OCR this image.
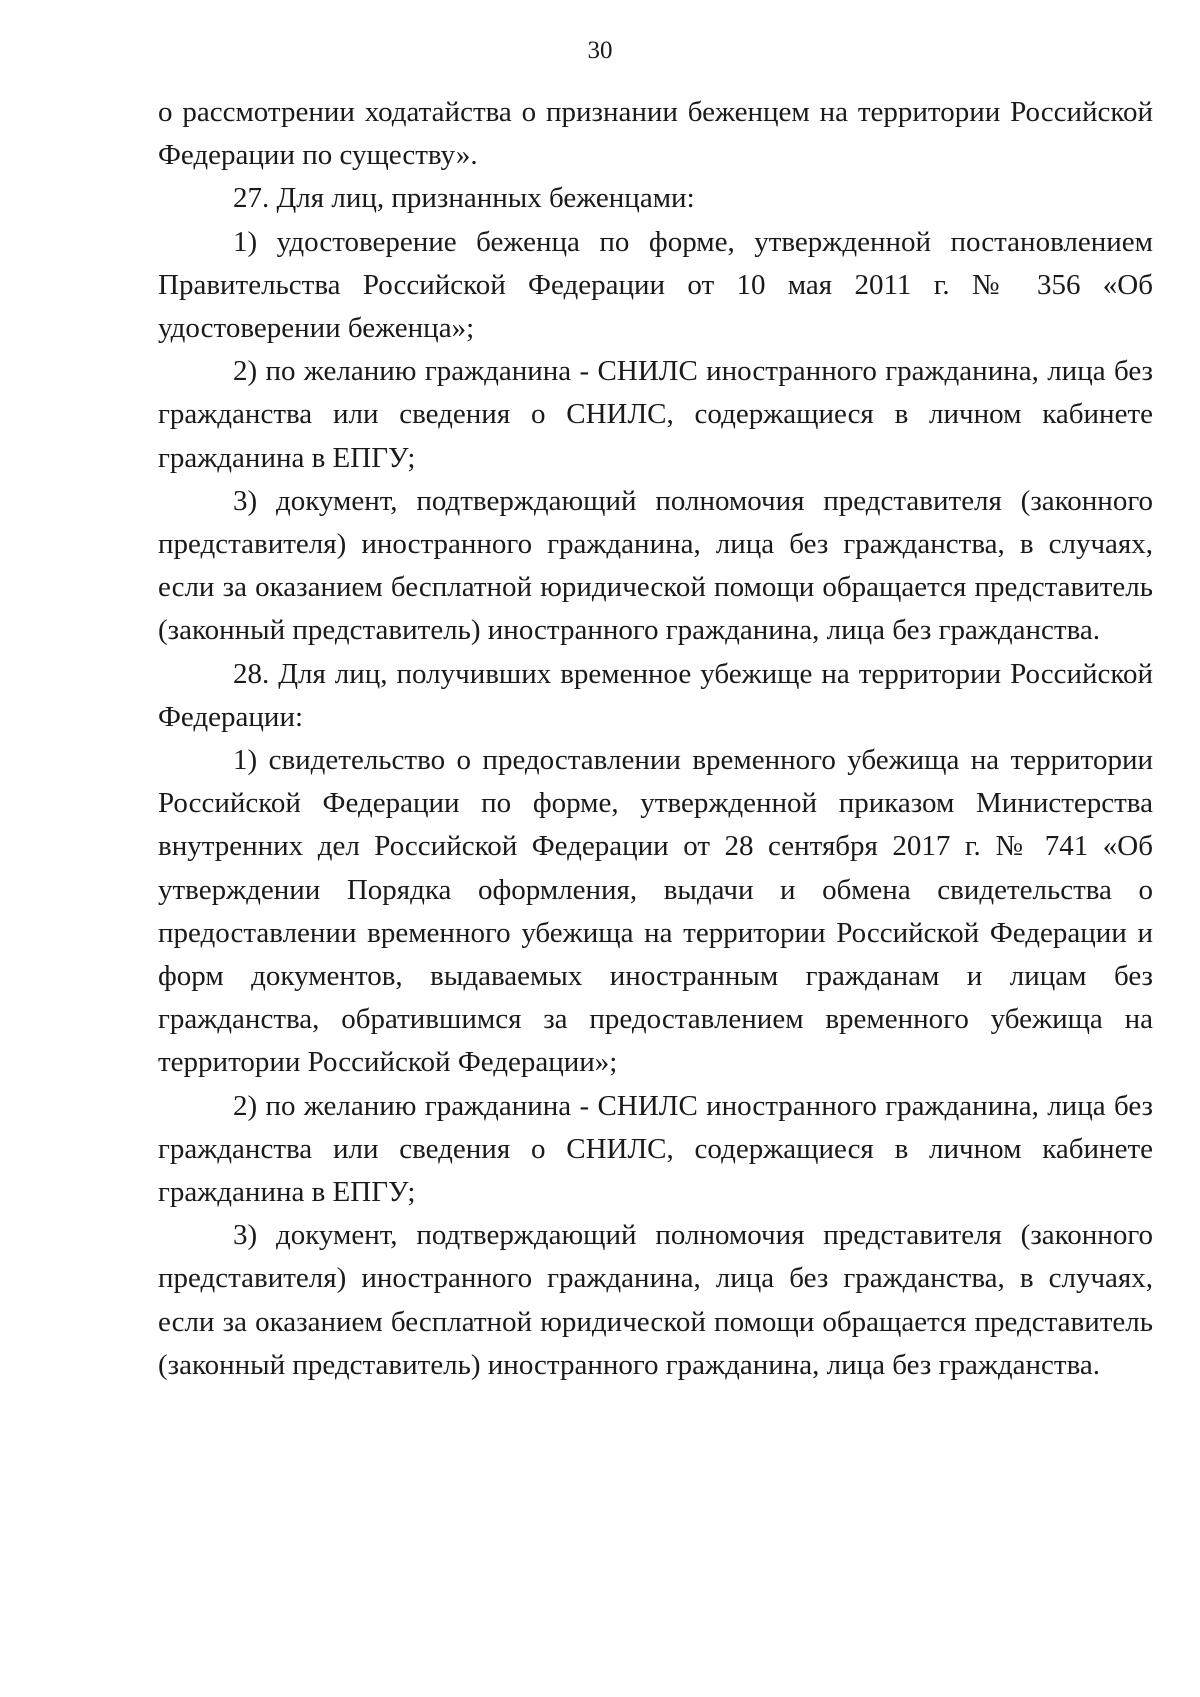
30

о рассмотрении ходатайства о признании беженцем на территории Российской Федерации по существу».

27. Для лиц, признанных беженцами:

1) удостоверение беженца по форме, утвержденной постановлением Правительства Российской Федерации от 10 мая 2011 г. № 356 «Об удостоверении беженца»;

2) по желанию гражданина - СНИЛС иностранного гражданина, лица без гражданства или сведения о СНИЛС, содержащиеся в личном кабинете гражданина в ЕПГУ;

3) документ, подтверждающий полномочия представителя (законного представителя) иностранного гражданина, лица без гражданства, в случаях, если за оказанием бесплатной юридической помощи обращается представитель (законный представитель) иностранного гражданина, лица без гражданства.

28. Для лиц, получивших временное убежище на территории Российской Федерации:

1) свидетельство о предоставлении временного убежища на территории Российской Федерации по форме, утвержденной приказом Министерства внутренних дел Российской Федерации от 28 сентября 2017 г. № 741 «Об утверждении Порядка оформления, выдачи и обмена свидетельства о предоставлении временного убежища на территории Российской Федерации и форм документов, выдаваемых иностранным гражданам и лицам без гражданства, обратившимся за предоставлением временного убежища на территории Российской Федерации»;

2) по желанию гражданина - СНИЛС иностранного гражданина, лица без гражданства или сведения о СНИЛС, содержащиеся в личном кабинете гражданина в ЕПГУ;

3) документ, подтверждающий полномочия представителя (законного представителя) иностранного гражданина, лица без гражданства, в случаях, если за оказанием бесплатной юридической помощи обращается представитель (законный представитель) иностранного гражданина, лица без гражданства.
